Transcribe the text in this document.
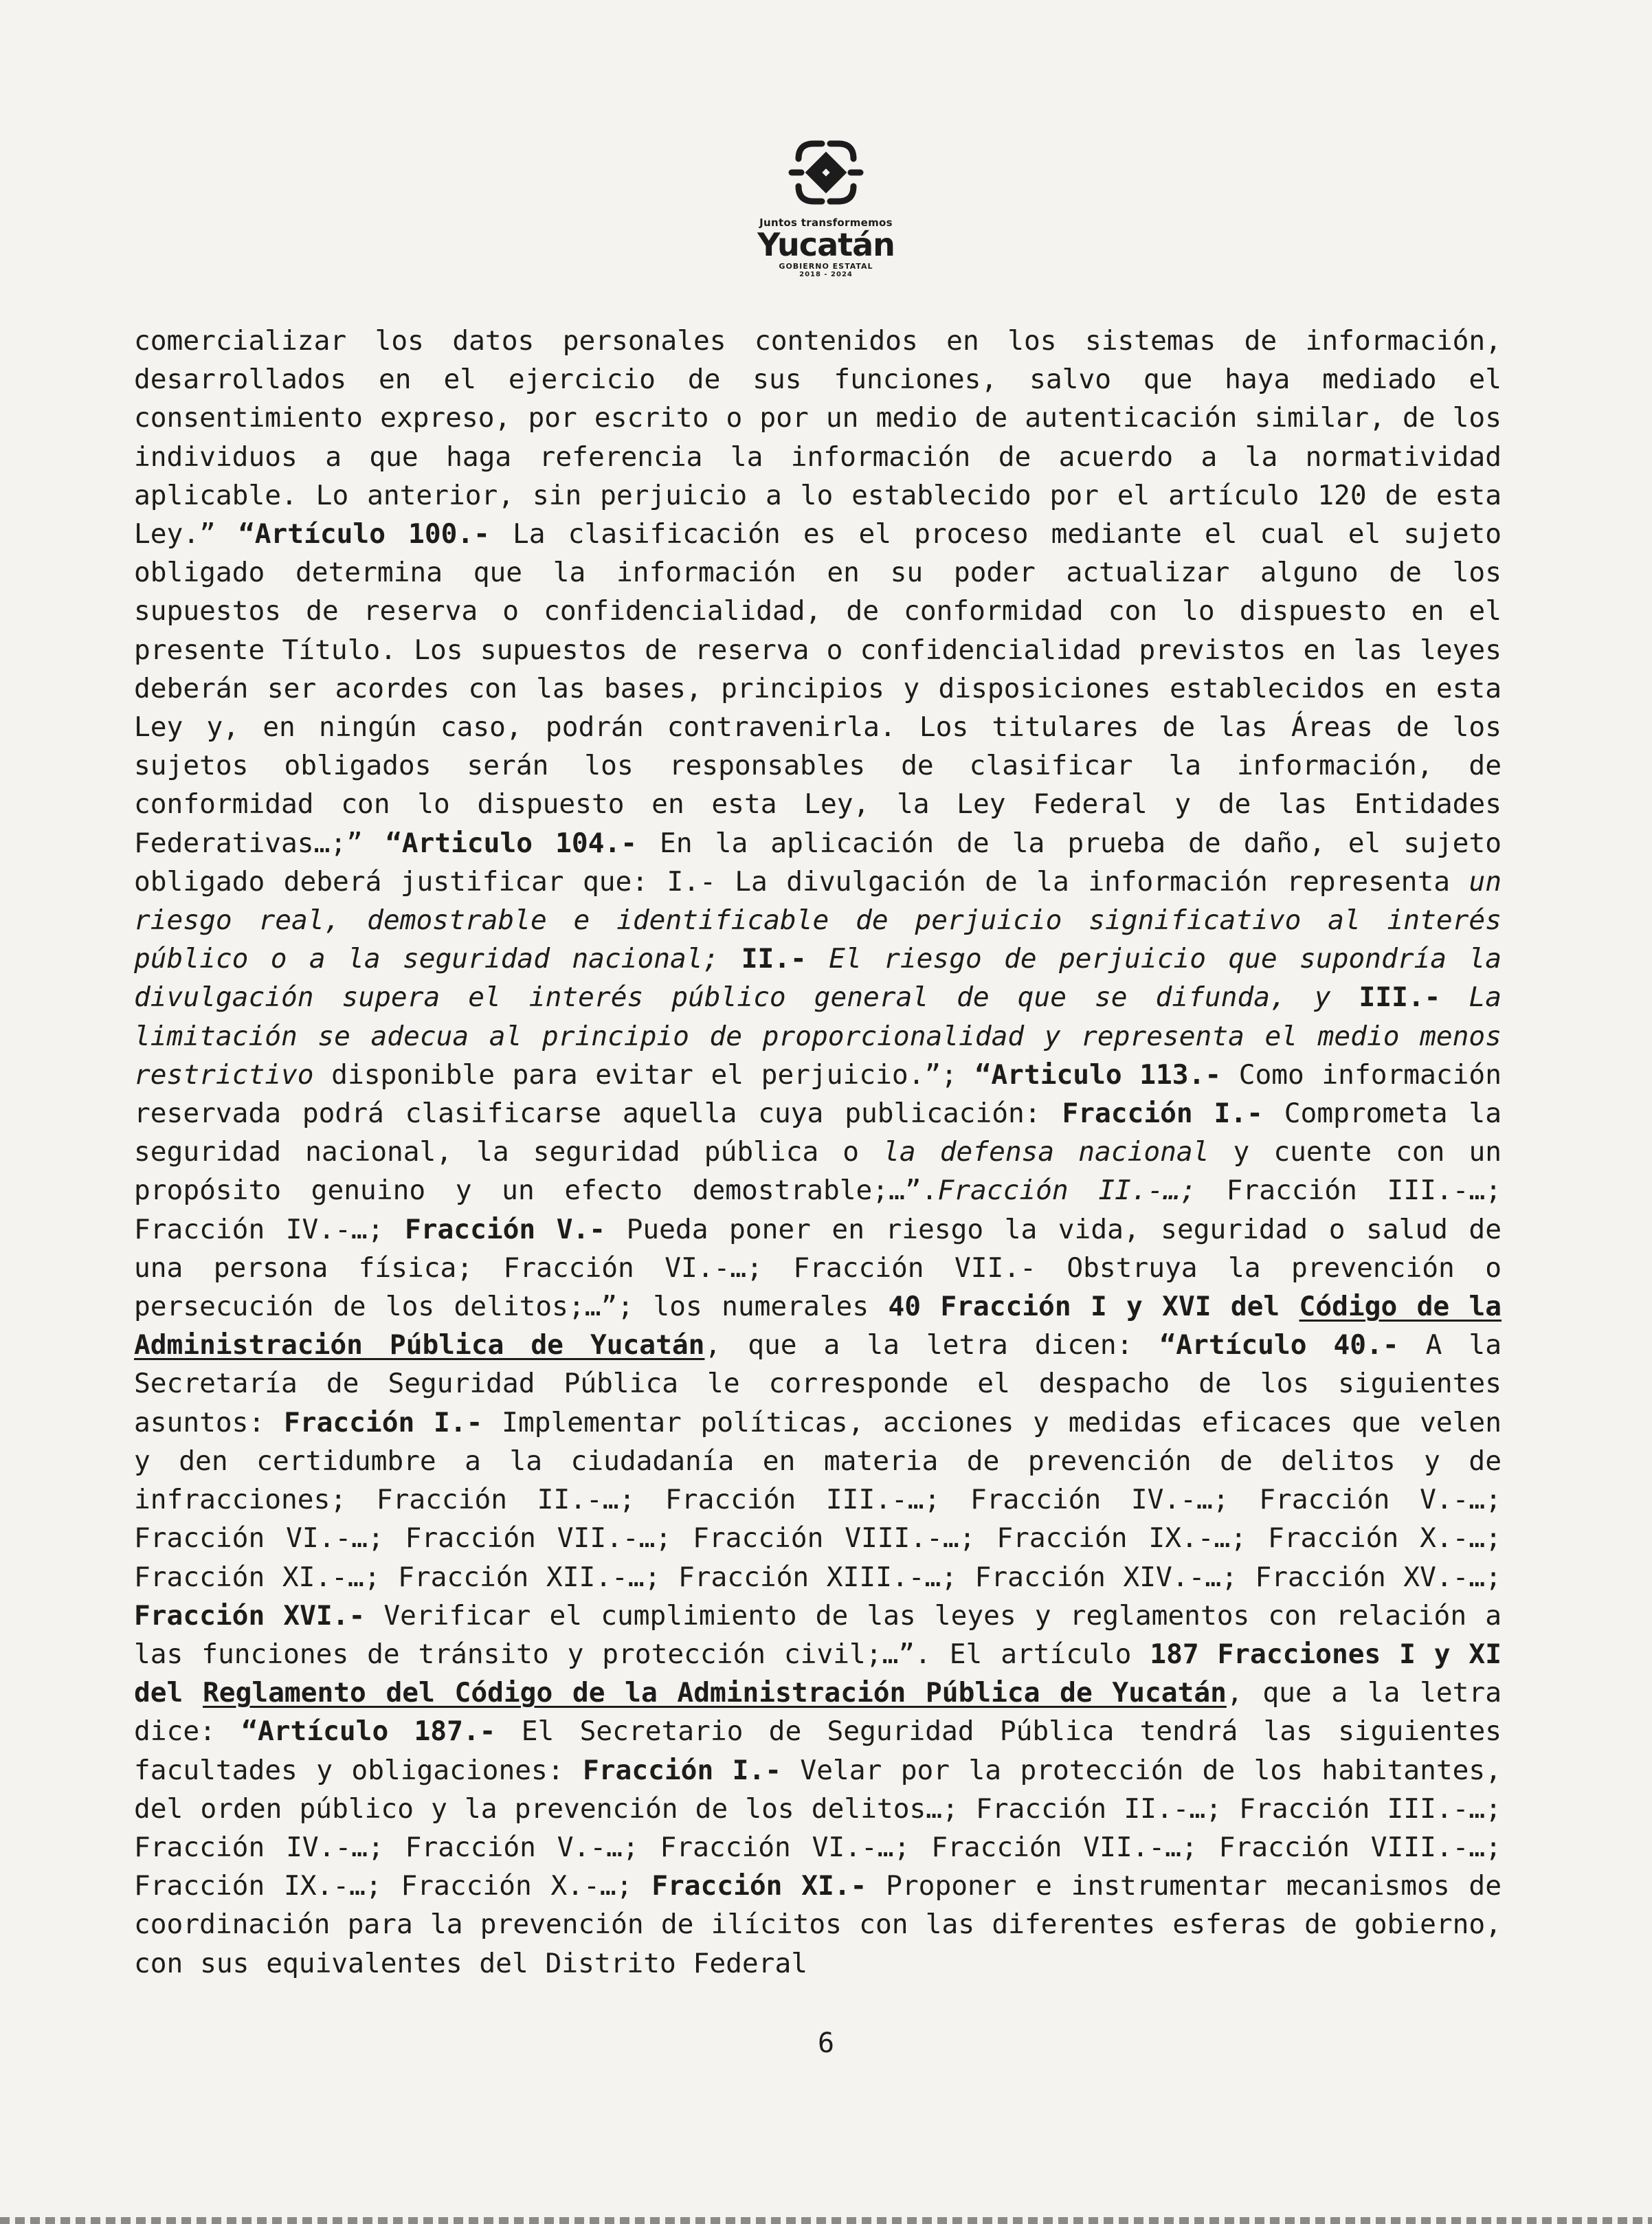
Juntos transformemos
Yucatán
GOBIERNO ESTATAL
2018 - 2024
comercializar los datos personales contenidos en los sistemas de información, desarrollados en el ejercicio de sus funciones, salvo que haya mediado el consentimiento expreso, por escrito o por un medio de autenticación similar, de los individuos a que haga referencia la información de acuerdo a la normatividad aplicable. Lo anterior, sin perjuicio a lo establecido por el artículo 120 de esta Ley.” “Artículo 100.- La clasificación es el proceso mediante el cual el sujeto obligado determina que la información en su poder actualizar alguno de los supuestos de reserva o confidencialidad, de conformidad con lo dispuesto en el presente Título. Los supuestos de reserva o confidencialidad previstos en las leyes deberán ser acordes con las bases, principios y disposiciones establecidos en esta Ley y, en ningún caso, podrán contravenirla. Los titulares de las Áreas de los sujetos obligados serán los responsables de clasificar la información, de conformidad con lo dispuesto en esta Ley, la Ley Federal y de las Entidades Federativas…;” “Articulo 104.- En la aplicación de la prueba de daño, el sujeto obligado deberá justificar que: I.- La divulgación de la información representa un riesgo real, demostrable e identificable de perjuicio significativo al interés público o a la seguridad nacional; II.- El riesgo de perjuicio que supondría la divulgación supera el interés público general de que se difunda, y III.- La limitación se adecua al principio de proporcionalidad y representa el medio menos restrictivo disponible para evitar el perjuicio.”; “Articulo 113.- Como información reservada podrá clasificarse aquella cuya publicación: Fracción I.- Comprometa la seguridad nacional, la seguridad pública o la defensa nacional y cuente con un propósito genuino y un efecto demostrable;…”.Fracción II.-…; Fracción III.-…; Fracción IV.-…; Fracción V.- Pueda poner en riesgo la vida, seguridad o salud de una persona física; Fracción VI.-…; Fracción VII.- Obstruya la prevención o persecución de los delitos;…”; los numerales 40 Fracción I y XVI del Código de la Administración Pública de Yucatán, que a la letra dicen: “Artículo 40.- A la Secretaría de Seguridad Pública le corresponde el despacho de los siguientes asuntos: Fracción I.- Implementar políticas, acciones y medidas eficaces que velen y den certidumbre a la ciudadanía en materia de prevención de delitos y de infracciones; Fracción II.-…; Fracción III.-…; Fracción IV.-…; Fracción V.-…; Fracción VI.-…; Fracción VII.-…; Fracción VIII.-…; Fracción IX.-…; Fracción X.-…; Fracción XI.-…; Fracción XII.-…; Fracción XIII.-…; Fracción XIV.-…; Fracción XV.-…; Fracción XVI.- Verificar el cumplimiento de las leyes y reglamentos con relación a las funciones de tránsito y protección civil;…”. El artículo 187 Fracciones I y XI del Reglamento del Código de la Administración Pública de Yucatán, que a la letra dice: “Artículo 187.- El Secretario de Seguridad Pública tendrá las siguientes facultades y obligaciones: Fracción I.- Velar por la protección de los habitantes, del orden público y la prevención de los delitos…; Fracción II.-…; Fracción III.-…; Fracción IV.-…; Fracción V.-…; Fracción VI.-…; Fracción VII.-…; Fracción VIII.-…; Fracción IX.-…; Fracción X.-…; Fracción XI.- Proponer e instrumentar mecanismos de coordinación para la prevención de ilícitos con las diferentes esferas de gobierno, con sus equivalentes del Distrito Federal
6
